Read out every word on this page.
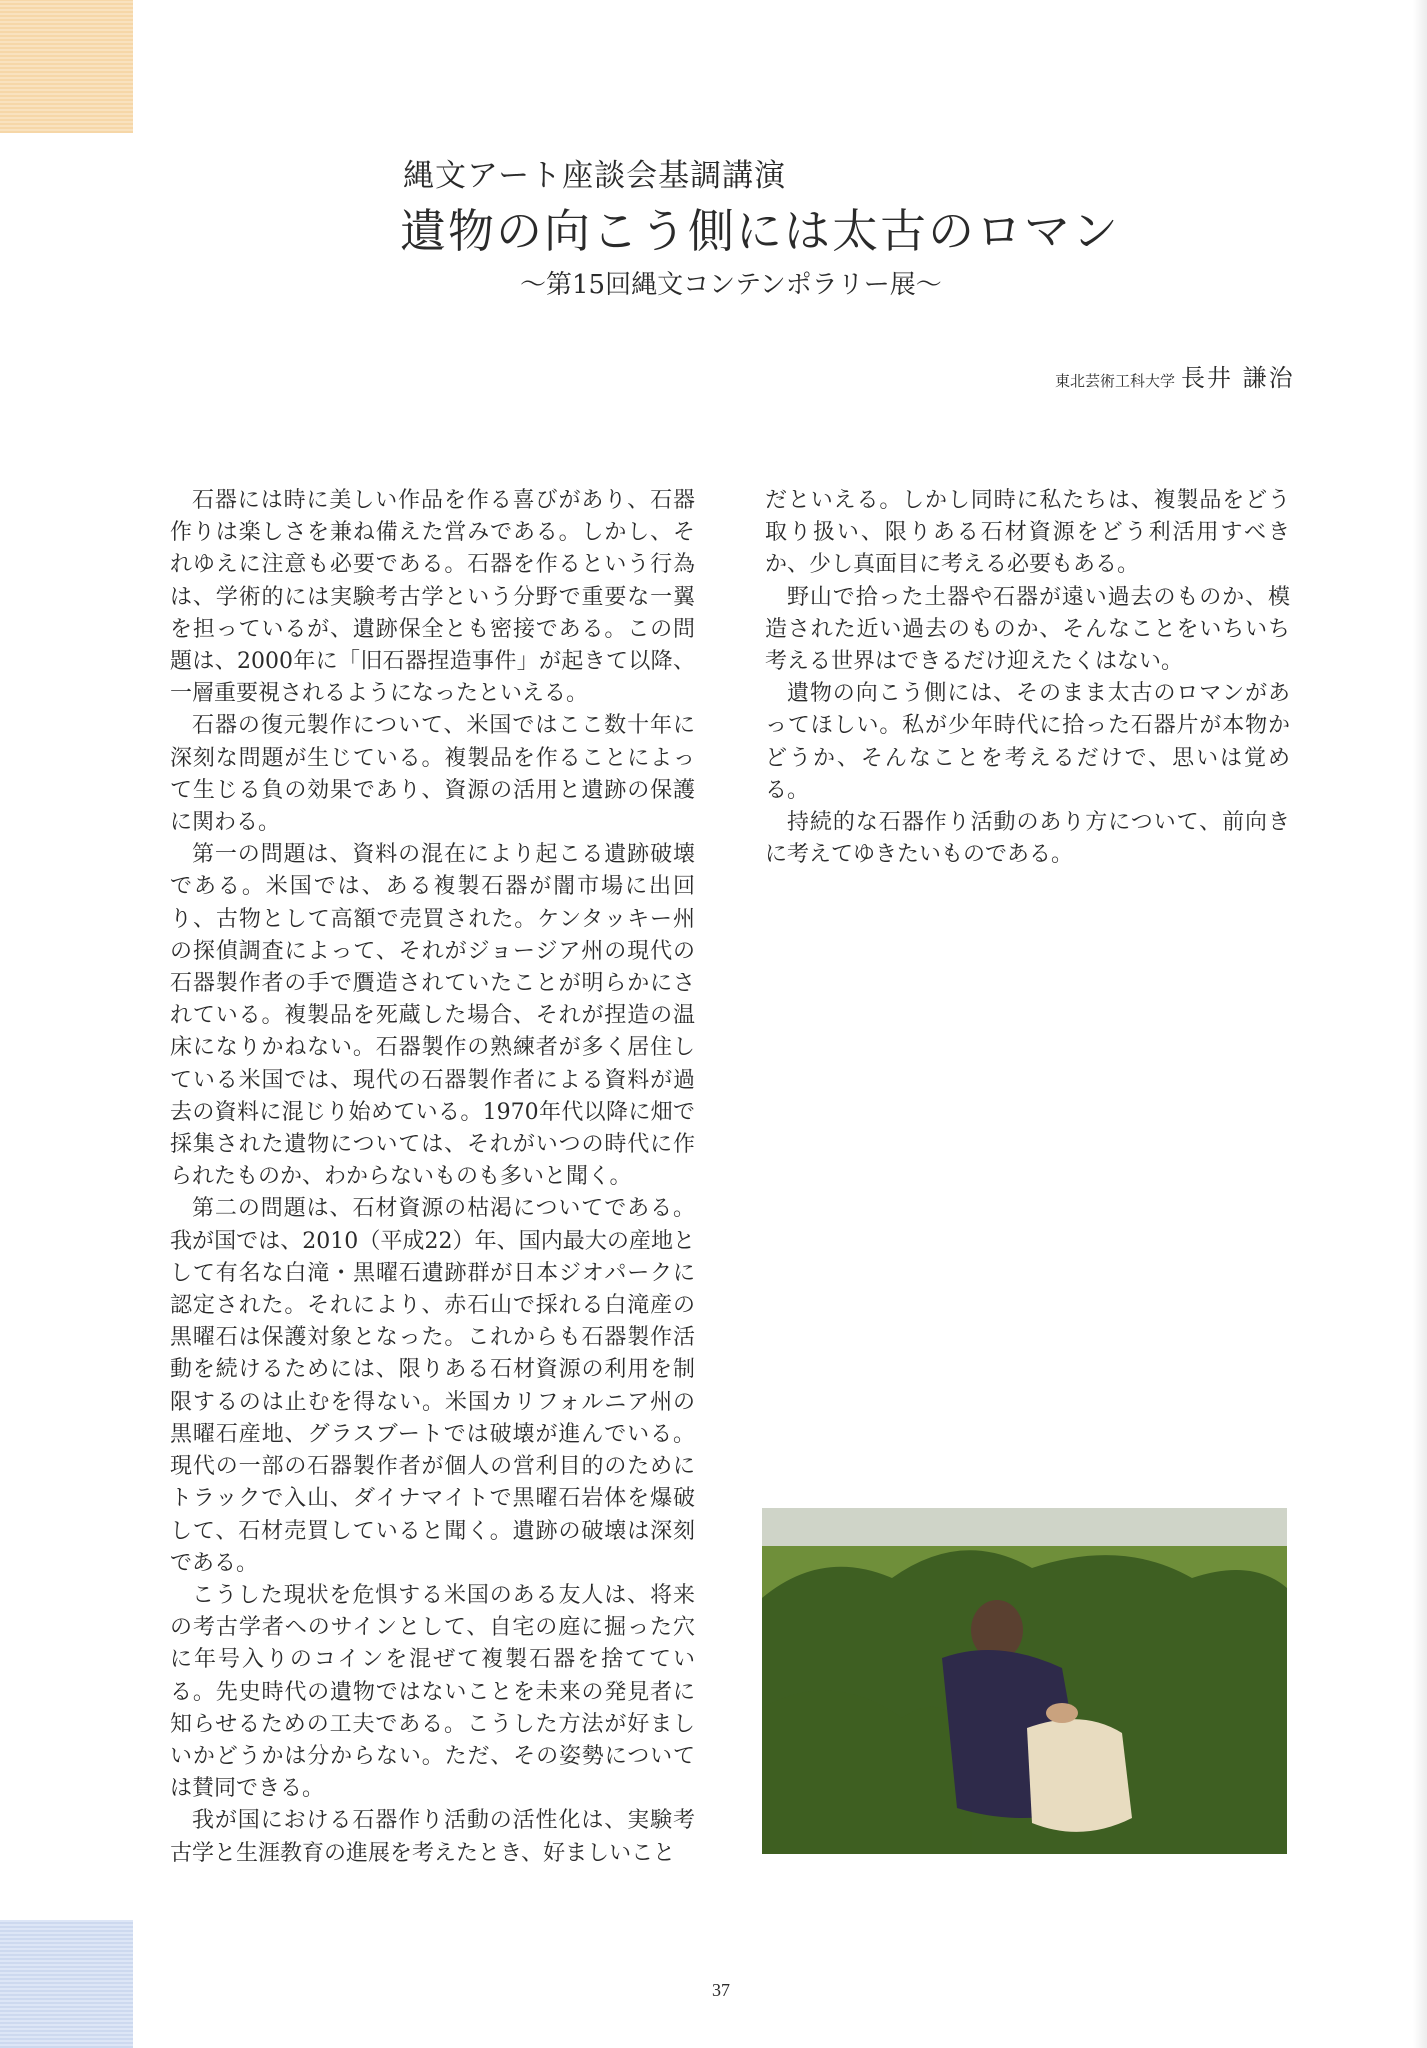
縄文アート座談会基調講演
遺物の向こう側には太古のロマン
〜第15回縄文コンテンポラリー展〜
東北芸術工科大学 長井 謙治

石器には時に美しい作品を作る喜びがあり、石器作りは楽しさを兼ね備えた営みである。しかし、それゆえに注意も必要である。石器を作るという行為は、学術的には実験考古学という分野で重要な一翼を担っているが、遺跡保全とも密接である。この問題は、2000年に「旧石器捏造事件」が起きて以降、一層重要視されるようになったといえる。

石器の復元製作について、米国ではここ数十年に深刻な問題が生じている。複製品を作ることによって生じる負の効果であり、資源の活用と遺跡の保護に関わる。

第一の問題は、資料の混在により起こる遺跡破壊である。米国では、ある複製石器が闇市場に出回り、古物として高額で売買された。ケンタッキー州の探偵調査によって、それがジョージア州の現代の石器製作者の手で贋造されていたことが明らかにされている。複製品を死蔵した場合、それが捏造の温床になりかねない。石器製作の熟練者が多く居住している米国では、現代の石器製作者による資料が過去の資料に混じり始めている。1970年代以降に畑で採集された遺物については、それがいつの時代に作られたものか、わからないものも多いと聞く。

第二の問題は、石材資源の枯渇についてである。我が国では、2010（平成22）年、国内最大の産地として有名な白滝・黒曜石遺跡群が日本ジオパークに認定された。それにより、赤石山で採れる白滝産の黒曜石は保護対象となった。これからも石器製作活動を続けるためには、限りある石材資源の利用を制限するのは止むを得ない。米国カリフォルニア州の黒曜石産地、グラスブートでは破壊が進んでいる。現代の一部の石器製作者が個人の営利目的のためにトラックで入山、ダイナマイトで黒曜石岩体を爆破して、石材売買していると聞く。遺跡の破壊は深刻である。

こうした現状を危惧する米国のある友人は、将来の考古学者へのサインとして、自宅の庭に掘った穴に年号入りのコインを混ぜて複製石器を捨てている。先史時代の遺物ではないことを未来の発見者に知らせるための工夫である。こうした方法が好ましいかどうかは分からない。ただ、その姿勢については賛同できる。

我が国における石器作り活動の活性化は、実験考古学と生涯教育の進展を考えたとき、好ましいこと

だといえる。しかし同時に私たちは、複製品をどう取り扱い、限りある石材資源をどう利活用すべきか、少し真面目に考える必要もある。

野山で拾った土器や石器が遠い過去のものか、模造された近い過去のものか、そんなことをいちいち考える世界はできるだけ迎えたくはない。

遺物の向こう側には、そのまま太古のロマンがあってほしい。私が少年時代に拾った石器片が本物かどうか、そんなことを考えるだけで、思いは覚める。

持続的な石器作り活動のあり方について、前向きに考えてゆきたいものである。

37
